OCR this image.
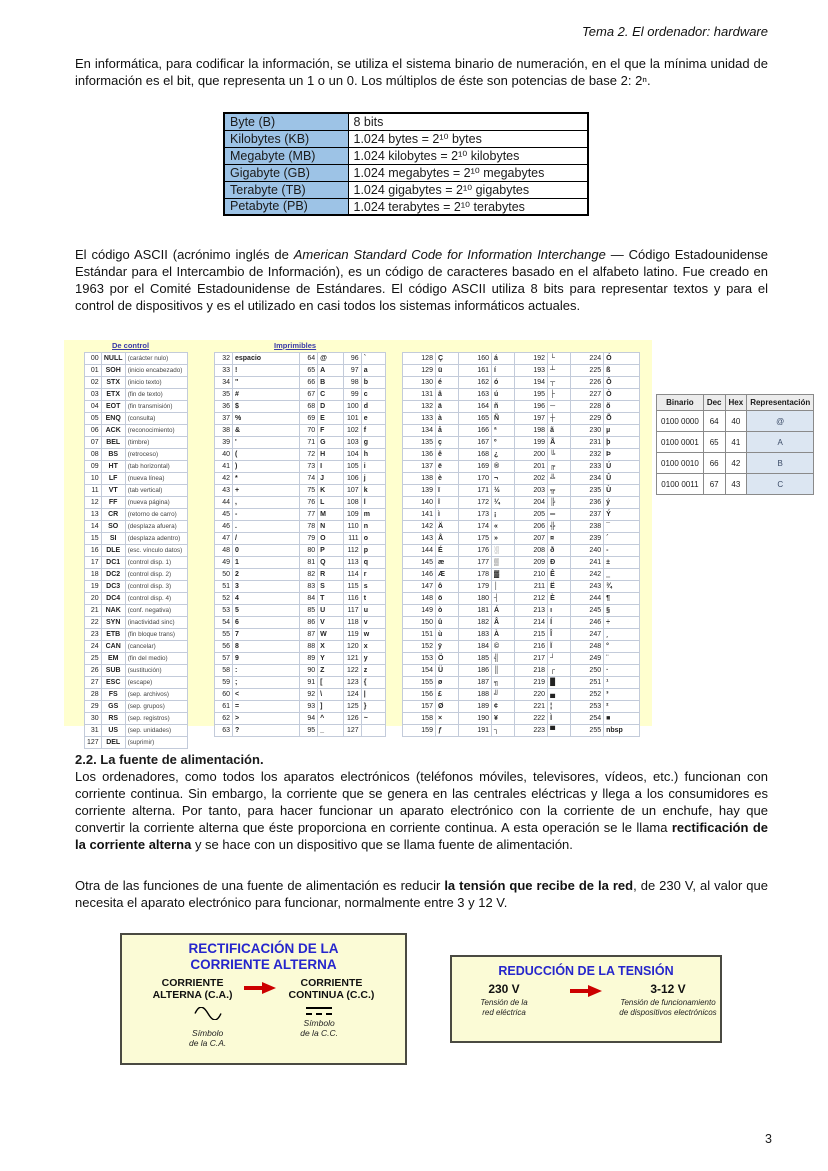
Tema 2. El ordenador: hardware

En informática, para codificar la información, se utiliza el sistema binario de numeración, en el que la mínima unidad de información es el bit, que representa un 1 o un 0. Los múltiplos de éste son potencias de base 2: 2ⁿ.

Byte (B)	8 bits
Kilobytes (KB)	1.024 bytes = 2¹⁰ bytes
Megabyte (MB)	1.024 kilobytes = 2¹⁰ kilobytes
Gigabyte (GB)	1.024 megabytes = 2¹⁰ megabytes
Terabyte (TB)	1.024 gigabytes = 2¹⁰ gigabytes
Petabyte (PB)	1.024 terabytes = 2¹⁰ terabytes

El código ASCII (acrónimo inglés de American Standard Code for Information Interchange — Código Estadounidense Estándar para el Intercambio de Información), es un código de caracteres basado en el alfabeto latino. Fue creado en 1963 por el Comité Estadounidense de Estándares. El código ASCII utiliza 8 bits para representar textos y para el control de dispositivos y es el utilizado en casi todos los sistemas informáticos actuales.

De control	Imprimibles
00	NULL	(carácter nulo)
01	SOH	(inicio encabezado)
02	STX	(inicio texto)
03	ETX	(fin de texto)
04	EOT	(fin transmisión)
05	ENQ	(consulta)
06	ACK	(reconocimiento)
07	BEL	(timbre)
08	BS	(retroceso)
09	HT	(tab horizontal)
10	LF	(nueva línea)
11	VT	(tab vertical)
12	FF	(nueva página)
13	CR	(retorno de carro)
14	SO	(desplaza afuera)
15	SI	(desplaza adentro)
16	DLE	(esc. vínculo datos)
17	DC1	(control disp. 1)
18	DC2	(control disp. 2)
19	DC3	(control disp. 3)
20	DC4	(control disp. 4)
21	NAK	(conf. negativa)
22	SYN	(inactividad sinc)
23	ETB	(fin bloque trans)
24	CAN	(cancelar)
25	EM	(fin del medio)
26	SUB	(sustitución)
27	ESC	(escape)
28	FS	(sep. archivos)
29	GS	(sep. grupos)
30	RS	(sep. registros)
31	US	(sep. unidades)
127	DEL	(suprimir)
32	espacio	64	@	96	`
33	!	65	A	97	a
34	"	66	B	98	b
35	#	67	C	99	c
36	$	68	D	100	d
37	%	69	E	101	e
38	&	70	F	102	f
39	'	71	G	103	g
40	(	72	H	104	h
41	)	73	I	105	i
42	*	74	J	106	j
43	+	75	K	107	k
44	,	76	L	108	l
45	-	77	M	109	m
46	.	78	N	110	n
47	/	79	O	111	o
48	0	80	P	112	p
49	1	81	Q	113	q
50	2	82	R	114	r
51	3	83	S	115	s
52	4	84	T	116	t
53	5	85	U	117	u
54	6	86	V	118	v
55	7	87	W	119	w
56	8	88	X	120	x
57	9	89	Y	121	y
58	:	90	Z	122	z
59	;	91	[	123	{
60	<	92	\	124	|
61	=	93	]	125	}
62	>	94	^	126	~
63	?	95	_	127	
128	Ç	160	á	192	└	224	Ó
129	ü	161	í	193	┴	225	ß
130	é	162	ó	194	┬	226	Ô
131	â	163	ú	195	├	227	Ò
132	ä	164	ñ	196	─	228	õ
133	à	165	Ñ	197	┼	229	Õ
134	å	166	ª	198	ã	230	µ
135	ç	167	º	199	Ã	231	þ
136	ê	168	¿	200	╚	232	Þ
137	ë	169	®	201	╔	233	Ú
138	è	170	¬	202	╩	234	Û
139	ï	171	½	203	╦	235	Ù
140	î	172	¼	204	╠	236	ý
141	ì	173	¡	205	═	237	Ý
142	Ä	174	«	206	╬	238	¯
143	Å	175	»	207	¤	239	´
144	É	176	░	208	ð	240	-
145	æ	177	▒	209	Ð	241	±
146	Æ	178	▓	210	Ê	242	‗
147	ô	179	│	211	Ë	243	¾
148	ö	180	┤	212	È	244	¶
149	ò	181	Á	213	ı	245	§
150	û	182	Â	214	Í	246	÷
151	ù	183	À	215	Î	247	¸
152	ÿ	184	©	216	Ï	248	°
153	Ö	185	╣	217	┘	249	¨
154	Ü	186	║	218	┌	250	·
155	ø	187	╗	219	█	251	¹
156	£	188	╝	220	▄	252	³
157	Ø	189	¢	221	¦	253	²
158	×	190	¥	222	Ì	254	■
159	ƒ	191	┐	223	▀	255	nbsp
Binario	Dec	Hex	Representación
0100 0000	64	40	@
0100 0001	65	41	A
0100 0010	66	42	B
0100 0011	67	43	C
2.2. La fuente de alimentación.

Los ordenadores, como todos los aparatos electrónicos (teléfonos móviles, televisores, vídeos, etc.) funcionan con corriente continua. Sin embargo, la corriente que se genera en las centrales eléctricas y llega a los consumidores es corriente alterna. Por tanto, para hacer funcionar un aparato electrónico con la corriente de un enchufe, hay que convertir la corriente alterna que éste proporciona en corriente continua. A esta operación se le llama rectificación de la corriente alterna y se hace con un dispositivo que se llama fuente de alimentación.

Otra de las funciones de una fuente de alimentación es reducir la tensión que recibe de la red, de 230 V, al valor que necesita el aparato electrónico para funcionar, normalmente entre 3 y 12 V.

RECTIFICACIÓN DE LA
CORRIENTE ALTERNA
CORRIENTE
ALTERNA (C.A.)
CORRIENTE
CONTINUA (C.C.)
Símbolo
de la C.A.
Símbolo
de la C.C.
REDUCCIÓN DE LA TENSIÓN
230 V
Tensión de la
red eléctrica
3-12 V
Tensión de funcionamiento
de dispositivos electrónicos
3
